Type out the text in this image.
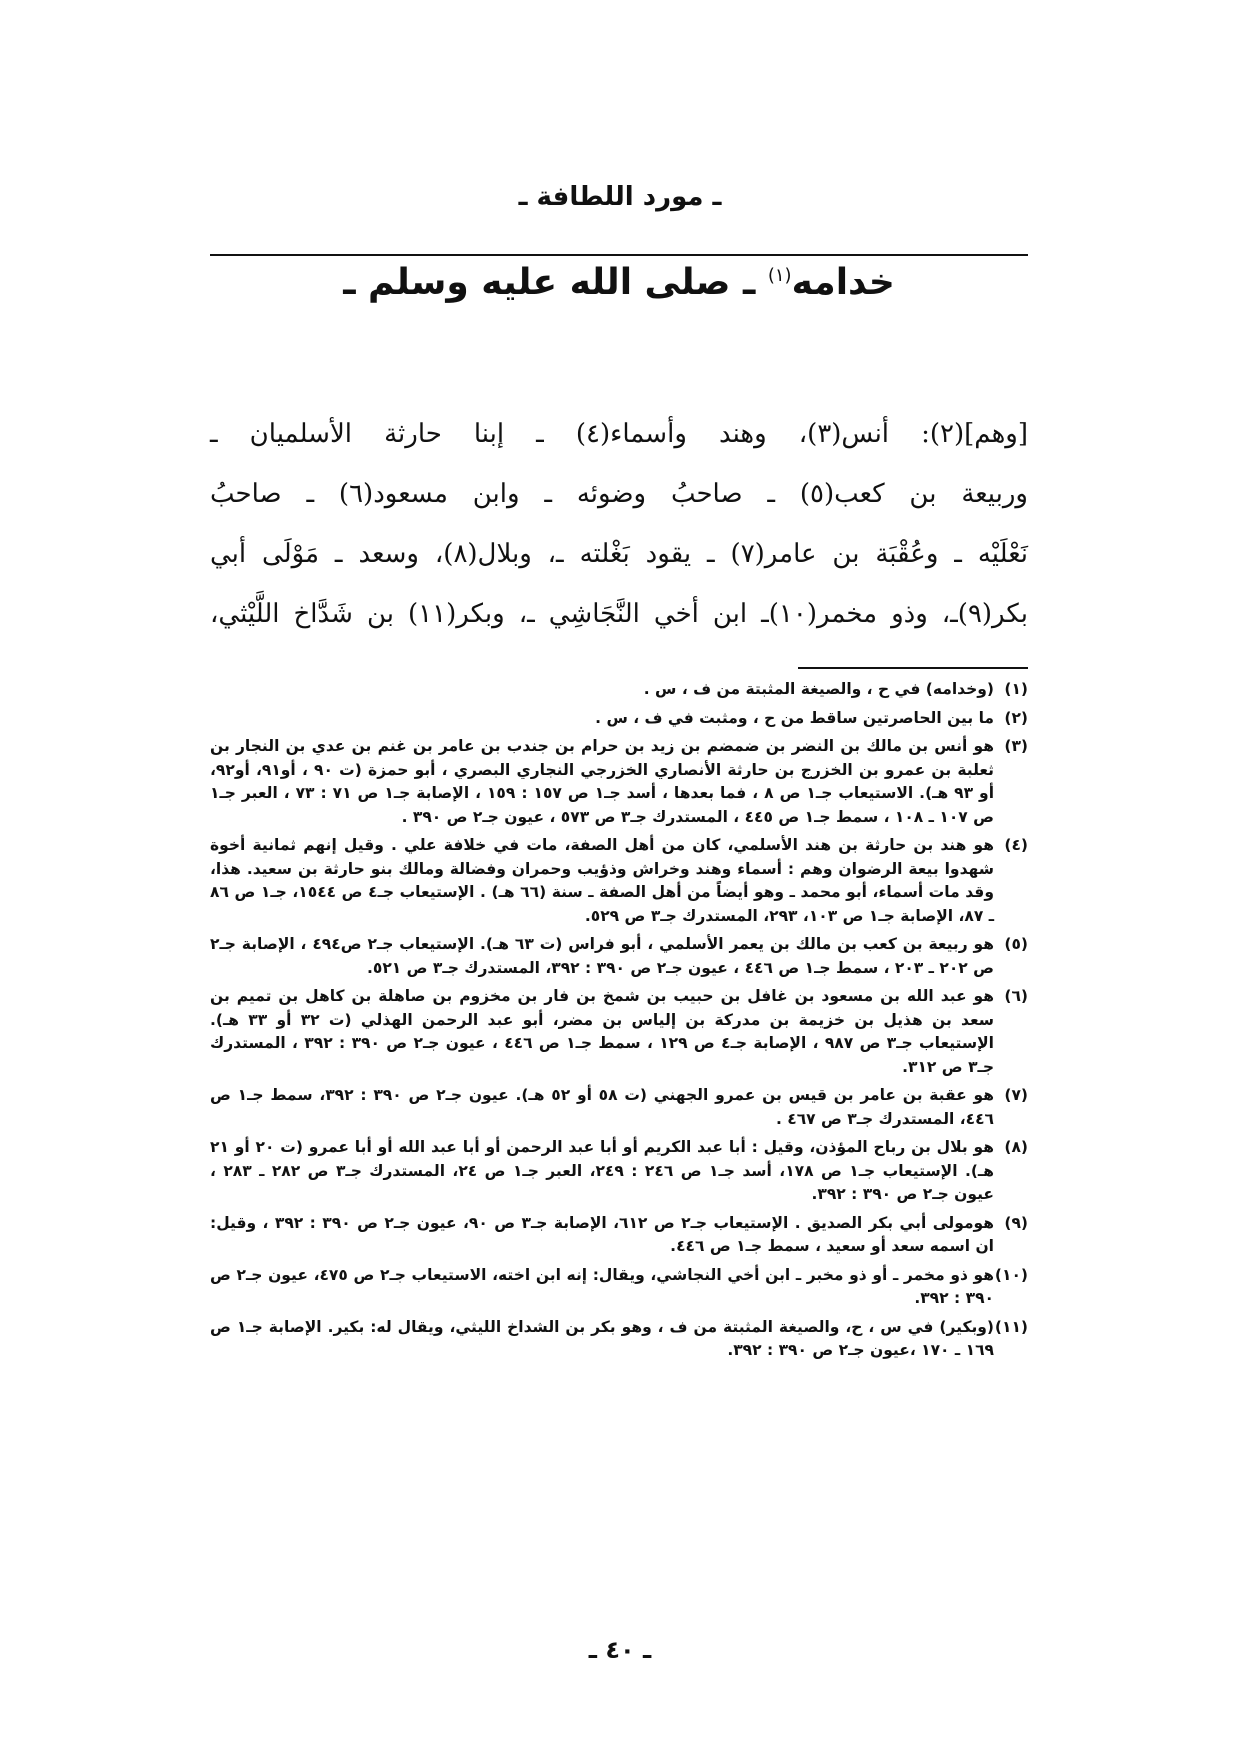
ـ مورد اللطافة ـ
خدامه$^{(١)}$ ـ صلى الله عليه وسلم ـ
[وهم](٢): أنس(٣)، وهند وأسماء(٤) ـ إبنا حارثة الأسلميان ـ
وربيعة بن كعب(٥) ـ صاحبُ وضوئه ـ وابن مسعود(٦) ـ صاحبُ
نَعْلَيْه ـ وعُقْبَة بن عامر(٧) ـ يقود بَغْلته ـ، وبلال(٨)، وسعد ـ مَوْلَى أبي
بكر(٩)ـ، وذو مخمر(١٠)ـ ابن أخي النَّجَاشِي ـ، وبكر(١١) بن شَدَّاخ اللَّيْثي،
(١)
(وخدامه) في ح ، والصيغة المثبتة من ف ، س .
(٢)
ما بين الحاصرتين ساقط من ح ، ومثبت في ف ، س .
(٣)
هو أنس بن مالك بن النضر بن ضمضم بن زيد بن حرام بن جندب بن عامر بن غنم بن عدي بن النجار بن ثعلبة بن عمرو بن الخزرج بن حارثة الأنصاري الخزرجي النجاري البصري ، أبو حمزة (ت ٩٠ ، أو٩١، أو٩٢، أو ٩٣ هـ). الاستيعاب جـ١ ص ٨ ، فما بعدها ، أسد جـ١ ص ١٥٧ : ١٥٩ ، الإصابة جـ١ ص ٧١ : ٧٣ ، العبر جـ١ ص ١٠٧ ـ ١٠٨ ، سمط جـ١ ص ٤٤٥ ، المستدرك جـ٣ ص ٥٧٣ ، عيون جـ٢ ص ٣٩٠ .
(٤)
هو هند بن حارثة بن هند الأسلمي، كان من أهل الصفة، مات في خلافة علي . وقيل إنهم ثمانية أخوة شهدوا بيعة الرضوان وهم : أسماء وهند وخراش وذؤيب وحمران وفضالة ومالك بنو حارثة بن سعيد. هذا، وقد مات أسماء، أبو محمد ـ وهو أيضاً من أهل الصفة ـ سنة (٦٦ هـ) . الإستيعاب جـ٤ ص ١٥٤٤، جـ١ ص ٨٦ ـ ٨٧، الإصابة جـ١ ص ١٠٣، ٢٩٣، المستدرك جـ٣ ص ٥٢٩.
(٥)
هو ربيعة بن كعب بن مالك بن يعمر الأسلمي ، أبو فراس (ت ٦٣ هـ). الإستيعاب جـ٢ ص٤٩٤ ، الإصابة جـ٢ ص ٢٠٢ ـ ٢٠٣ ، سمط جـ١ ص ٤٤٦ ، عيون جـ٢ ص ٣٩٠ : ٣٩٢، المستدرك جـ٣ ص ٥٢١.
(٦)
هو عبد الله بن مسعود بن غافل بن حبيب بن شمخ بن فار بن مخزوم بن صاهلة بن كاهل بن تميم بن سعد بن هذيل بن خزيمة بن مدركة بن إلياس بن مضر، أبو عبد الرحمن الهذلي (ت ٣٢ أو ٣٣ هـ). الإستيعاب جـ٣ ص ٩٨٧ ، الإصابة جـ٤ ص ١٢٩ ، سمط جـ١ ص ٤٤٦ ، عيون جـ٢ ص ٣٩٠ : ٣٩٢ ، المستدرك جـ٣ ص ٣١٢.
(٧)
هو عقبة بن عامر بن قيس بن عمرو الجهني (ت ٥٨ أو ٥٢ هـ). عيون جـ٢ ص ٣٩٠ : ٣٩٢، سمط جـ١ ص ٤٤٦، المستدرك جـ٣ ص ٤٦٧ .
(٨)
هو بلال بن رباح المؤذن، وقيل : أبا عبد الكريم أو أبا عبد الرحمن أو أبا عبد الله أو أبا عمرو (ت ٢٠ أو ٢١ هـ). الإستيعاب جـ١ ص ١٧٨، أسد جـ١ ص ٢٤٦ : ٢٤٩، العبر جـ١ ص ٢٤، المستدرك جـ٣ ص ٢٨٢ ـ ٢٨٣ ، عيون جـ٢ ص ٣٩٠ : ٣٩٢.
(٩)
هومولى أبي بكر الصديق . الإستيعاب جـ٢ ص ٦١٢، الإصابة جـ٣ ص ٩٠، عيون جـ٢ ص ٣٩٠ : ٣٩٢ ، وقيل: ان اسمه سعد أو سعيد ، سمط جـ١ ص ٤٤٦.
(١٠)
هو ذو مخمر ـ أو ذو مخبر ـ ابن أخي النجاشي، ويقال: إنه ابن اخته، الاستيعاب جـ٢ ص ٤٧٥، عيون جـ٢ ص ٣٩٠ : ٣٩٢.
(١١)
(وبكير) في س ، ح، والصيغة المثبتة من ف ، وهو بكر بن الشداخ الليثي، ويقال له: بكير. الإصابة جـ١ ص ١٦٩ ـ ١٧٠ ،عيون جـ٢ ص ٣٩٠ : ٣٩٢.
ـ ٤٠ ـ
